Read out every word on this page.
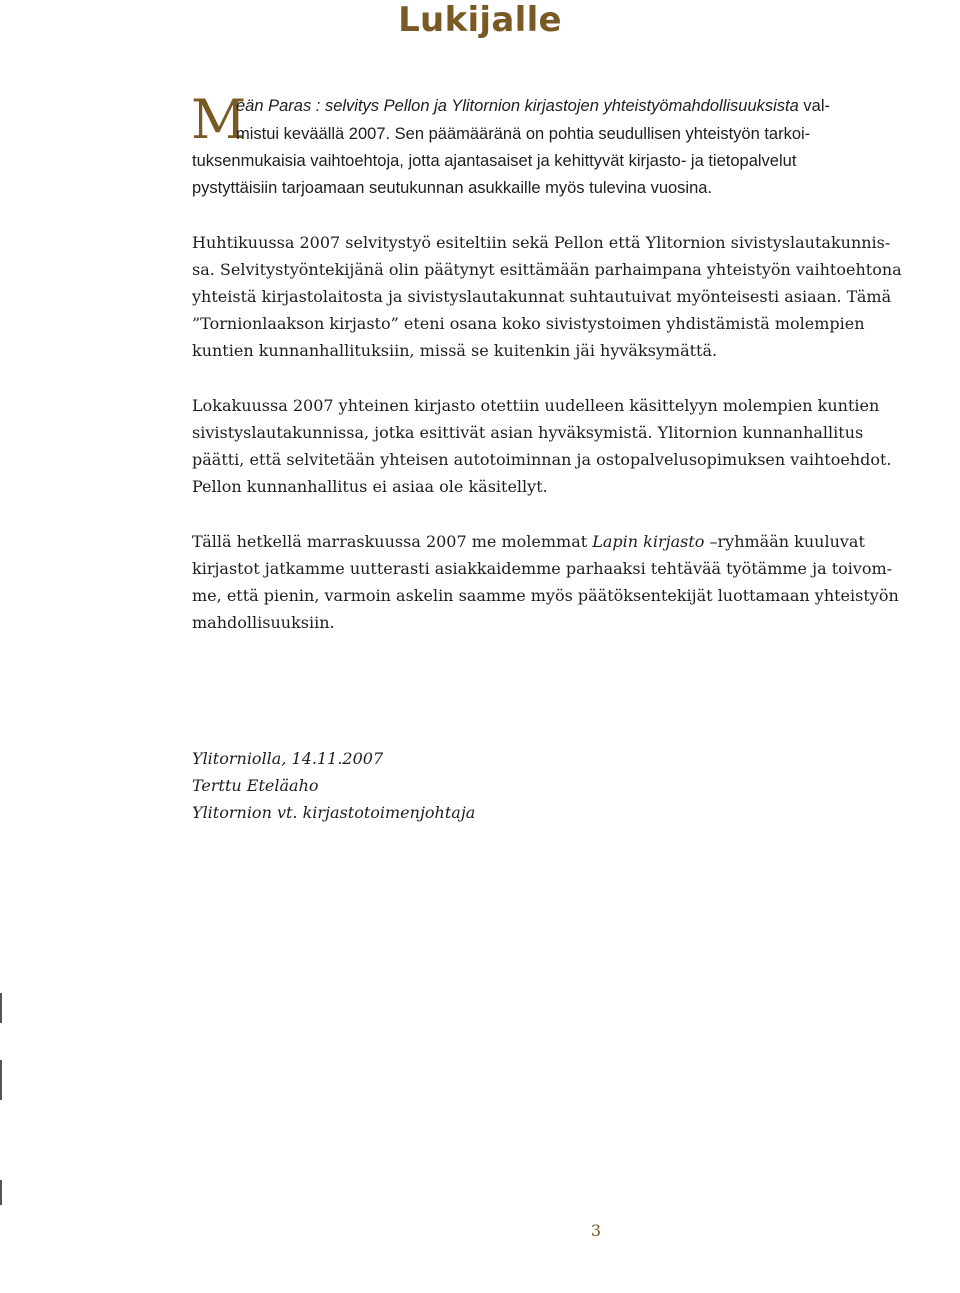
Lukijalle
M
eän Paras : selvitys Pellon ja Ylitornion kirjastojen yhteistyömahdollisuuksista val-
mistui keväällä 2007. Sen päämääränä on pohtia seudullisen yhteistyön tarkoi-
tuksenmukaisia vaihtoehtoja, jotta ajantasaiset ja kehittyvät kirjasto- ja tietopalvelut
pystyttäisiin tarjoamaan seutukunnan asukkaille myös tulevina vuosina.
Huhtikuussa 2007 selvitystyö esiteltiin sekä Pellon että Ylitornion sivistyslautakunnis-
sa. Selvitystyöntekijänä olin päätynyt esittämään parhaimpana yhteistyön vaihtoehtona
yhteistä kirjastolaitosta ja sivistyslautakunnat suhtautuivat myönteisesti asiaan. Tämä
”Tornionlaakson kirjasto” eteni osana koko sivistystoimen yhdistämistä molempien
kuntien kunnanhallituksiin, missä se kuitenkin jäi hyväksymättä.
Lokakuussa 2007 yhteinen kirjasto otettiin uudelleen käsittelyyn molempien kuntien
sivistyslautakunnissa, jotka esittivät asian hyväksymistä. Ylitornion kunnanhallitus
päätti, että selvitetään yhteisen autotoiminnan ja ostopalvelusopimuksen vaihtoehdot.
Pellon kunnanhallitus ei asiaa ole käsitellyt.
Tällä hetkellä marraskuussa 2007 me molemmat Lapin kirjasto –ryhmään kuuluvat
kirjastot jatkamme uutterasti asiakkaidemme parhaaksi tehtävää työtämme ja toivom-
me, että pienin, varmoin askelin saamme myös päätöksentekijät luottamaan yhteistyön
mahdollisuuksiin.
Ylitorniolla, 14.11.2007
Terttu Eteläaho
Ylitornion vt. kirjastotoimenjohtaja
3
